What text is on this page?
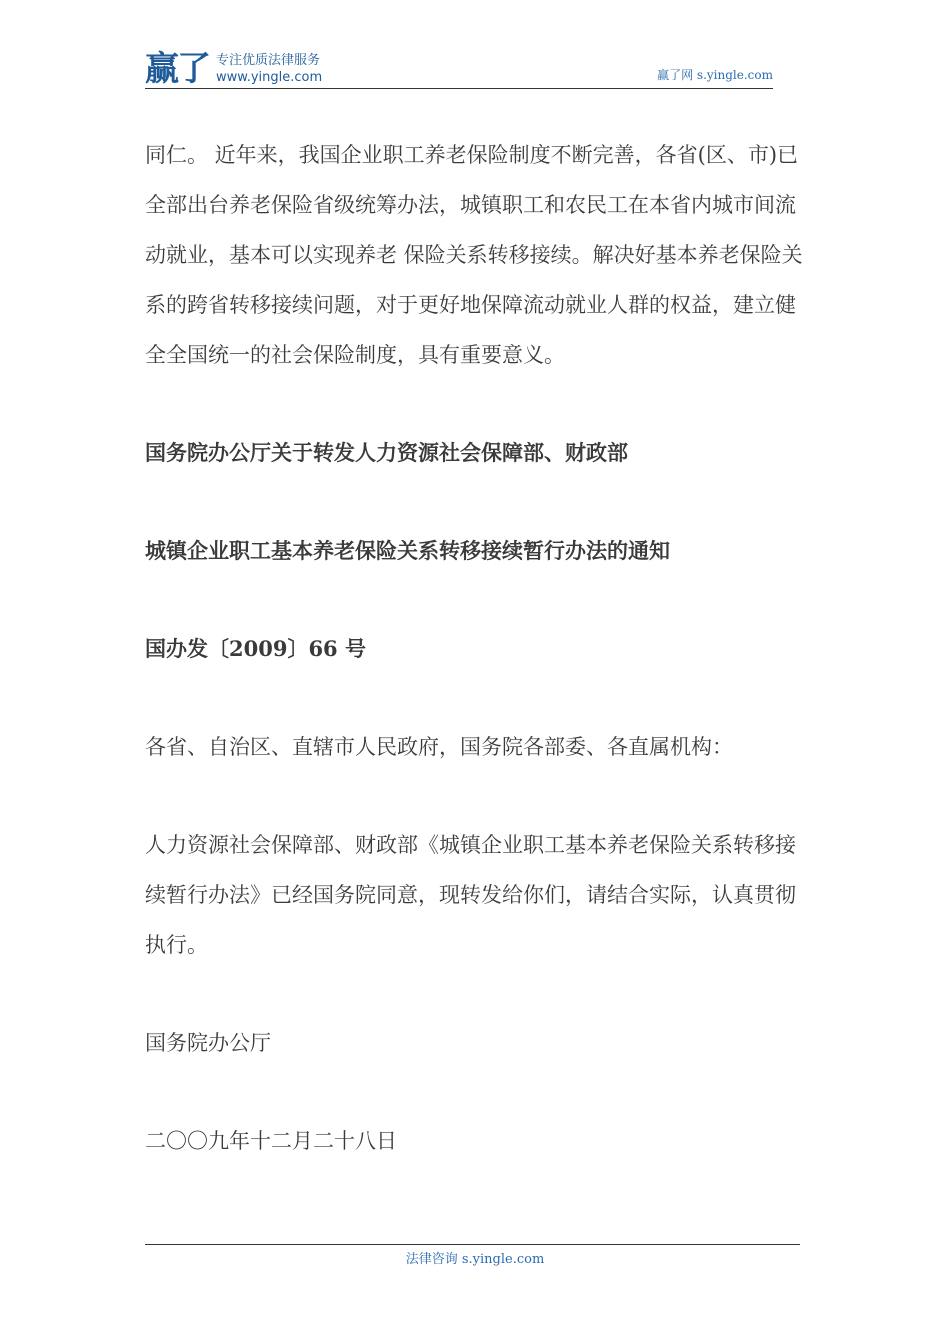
赢了 专注优质法律服务
www.yingle.com	赢了网 s.yingle.com

同仁。 近年来，我国企业职工养老保险制度不断完善，各省(区、市)已全部出台养老保险省级统筹办法，城镇职工和农民工在本省内城市间流动就业，基本可以实现养老 保险关系转移接续。解决好基本养老保险关系的跨省转移接续问题，对于更好地保障流动就业人群的权益，建立健全全国统一的社会保险制度，具有重要意义。

国务院办公厅关于转发人力资源社会保障部、财政部

城镇企业职工基本养老保险关系转移接续暂行办法的通知

国办发〔2009〕66 号

各省、自治区、直辖市人民政府，国务院各部委、各直属机构：

人力资源社会保障部、财政部《城镇企业职工基本养老保险关系转移接续暂行办法》已经国务院同意，现转发给你们，请结合实际，认真贯彻执行。

国务院办公厅

二〇〇九年十二月二十八日

法律咨询 s.yingle.com
